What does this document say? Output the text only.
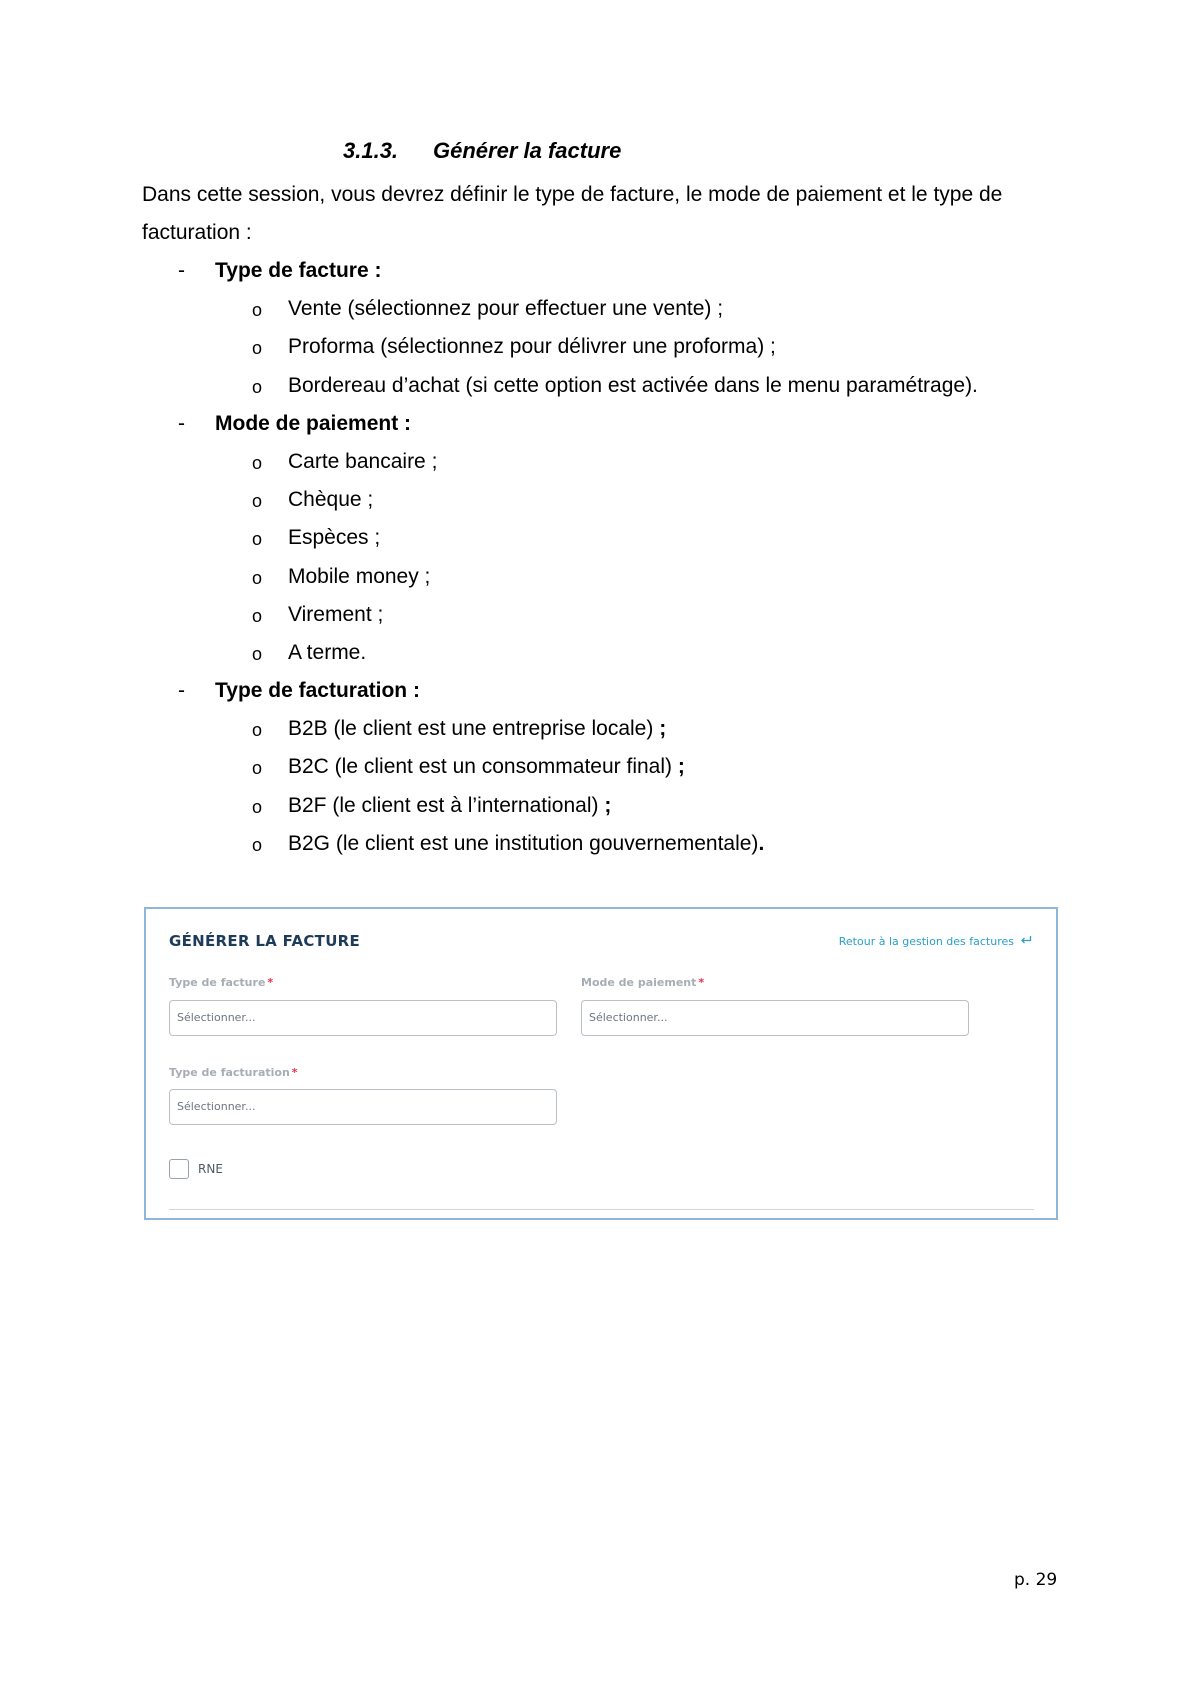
3.1.3. Générer la facture

Dans cette session, vous devrez définir le type de facture, le mode de paiement et le type de facturation :

- Type de facture :
o Vente (sélectionnez pour effectuer une vente) ;
o Proforma (sélectionnez pour délivrer une proforma) ;
o Bordereau d’achat (si cette option est activée dans le menu paramétrage).
- Mode de paiement :
o Carte bancaire ;
o Chèque ;
o Espèces ;
o Mobile money ;
o Virement ;
o A terme.
- Type de facturation :
o B2B (le client est une entreprise locale) ;
o B2C (le client est un consommateur final) ;
o B2F (le client est à l’international) ;
o B2G (le client est une institution gouvernementale).
GÉNÉRER LA FACTURE	Retour à la gestion des factures
Type de facture *
Sélectionner...
Mode de paiement *
Sélectionner...
Type de facturation *
Sélectionner...
RNE
p. 29
